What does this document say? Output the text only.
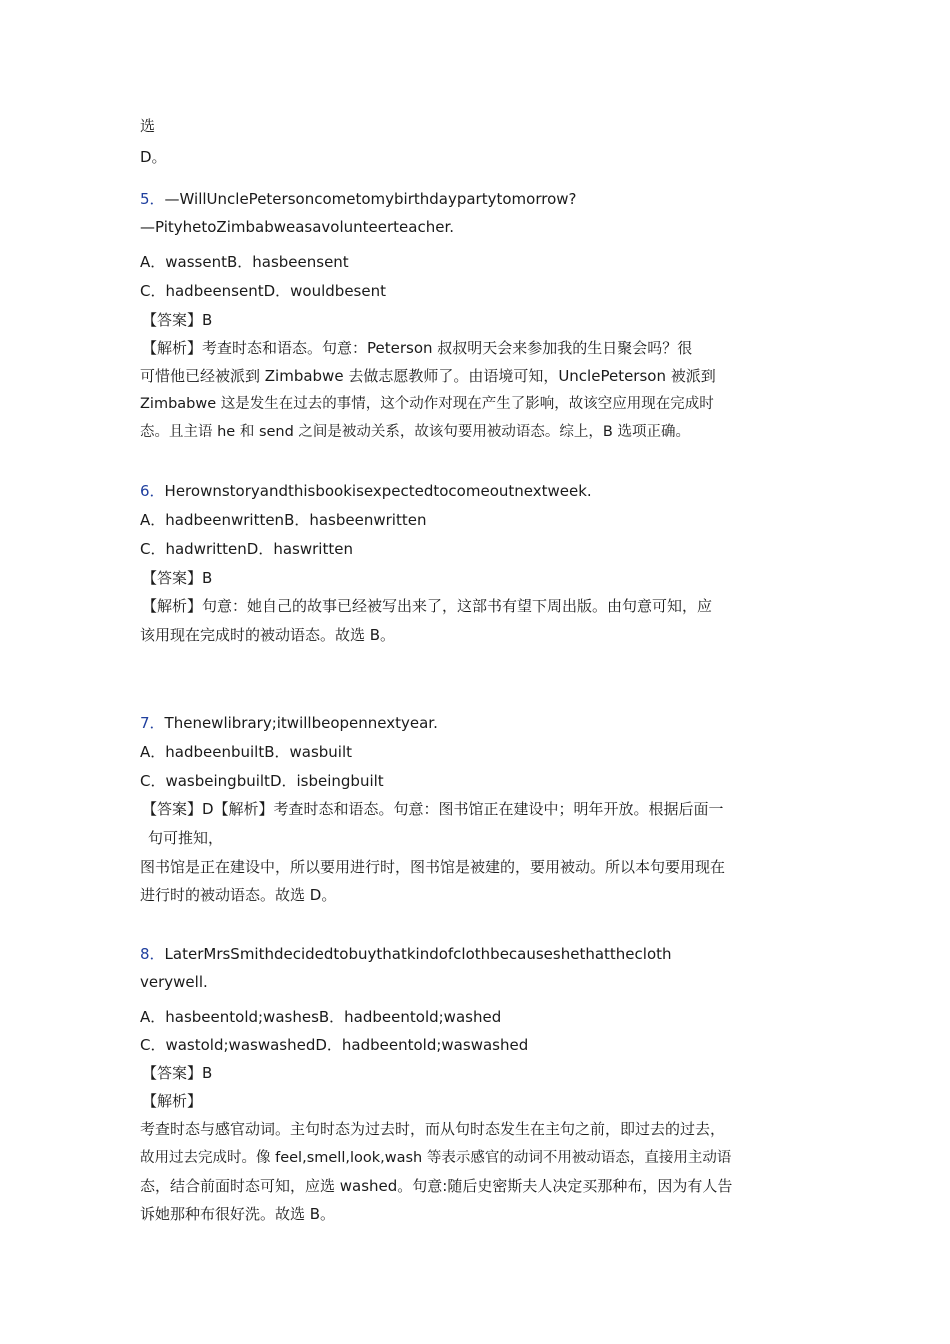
选
D。
5．—WillUnclePetersoncometomybirthdaypartytomorrow?
—PityhetoZimbabweasavolunteerteacher.
A．wassentB．hasbeensent
C．hadbeensentD．wouldbesent
【答案】B
【解析】考查时态和语态。句意：Peterson 叔叔明天会来参加我的生日聚会吗？很
可惜他已经被派到 Zimbabwe 去做志愿教师了。由语境可知，UnclePeterson 被派到
Zimbabwe 这是发生在过去的事情，这个动作对现在产生了影响，故该空应用现在完成时
态。且主语 he 和 send 之间是被动关系，故该句要用被动语态。综上，B 选项正确。
6．Herownstoryandthisbookisexpectedtocomeoutnextweek.
A．hadbeenwrittenB．hasbeenwritten
C．hadwrittenD．haswritten
【答案】B
【解析】句意：她自己的故事已经被写出来了，这部书有望下周出版。由句意可知，应
该用现在完成时的被动语态。故选 B。
7．Thenewlibrary;itwillbeopennextyear.
A．hadbeenbuiltB．wasbuilt
C．wasbeingbuiltD．isbeingbuilt
【答案】D【解析】考查时态和语态。句意：图书馆正在建设中；明年开放。根据后面一
句可推知，
图书馆是正在建设中，所以要用进行时，图书馆是被建的，要用被动。所以本句要用现在
进行时的被动语态。故选 D。
8．LaterMrsSmithdecidedtobuythatkindofclothbecauseshethatthecloth
verywell.
A．hasbeentold;washesB．hadbeentold;washed
C．wastold;waswashedD．hadbeentold;waswashed
【答案】B
【解析】
考查时态与感官动词。主句时态为过去时，而从句时态发生在主句之前，即过去的过去，
故用过去完成时。像 feel,smell,look,wash 等表示感官的动词不用被动语态，直接用主动语
态，结合前面时态可知，应选 washed。句意:随后史密斯夫人决定买那种布，因为有人告
诉她那种布很好洗。故选 B。
